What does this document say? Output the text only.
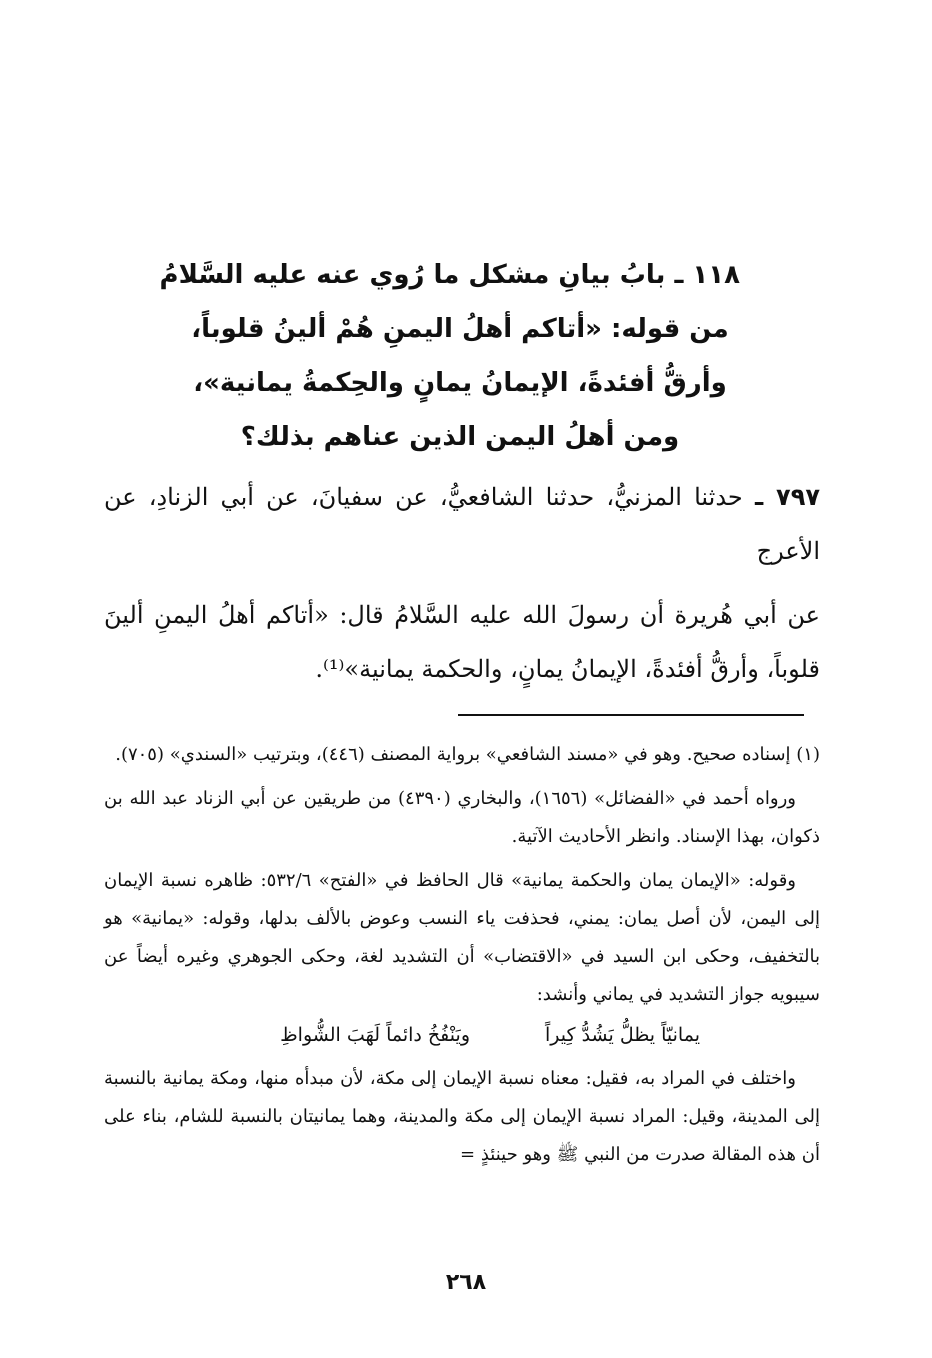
١١٨ ـ بابُ بيانِ مشكل ما رُوي عنه عليه السَّلامُ
من قوله: «أتاكم أهلُ اليمنِ هُمْ ألينُ قلوباً،
وأرقُّ أفئدةً، الإيمانُ يمانٍ والحِكمةُ يمانية»،
ومن أهلُ اليمن الذين عناهم بذلك؟

٧٩٧ ـ حدثنا المزنيُّ، حدثنا الشافعيُّ، عن سفيانَ، عن أبي الزنادِ، عن الأعرج

عن أبي هُريرة أن رسولَ الله عليه السَّلامُ قال: «أتاكم أهلُ اليمنِ ألينَ قلوباً، وأرقُّ أفئدةً، الإيمانُ يمانٍ، والحكمة يمانية»⁽¹⁾.

(١) إسناده صحيح. وهو في «مسند الشافعي» برواية المصنف (٤٤٦)، وبترتيب «السندي» (٧٠٥).

ورواه أحمد في «الفضائل» (١٦٥٦)، والبخاري (٤٣٩٠) من طريقين عن أبي الزناد عبد الله بن ذكوان، بهذا الإسناد. وانظر الأحاديث الآتية.

وقوله: «الإيمان يمان والحكمة يمانية» قال الحافظ في «الفتح» ٥٣٢/٦: ظاهره نسبة الإيمان إلى اليمن، لأن أصل يمان: يمني، فحذفت ياء النسب وعوض بالألف بدلها، وقوله: «يمانية» هو بالتخفيف، وحكى ابن السيد في «الاقتضاب» أن التشديد لغة، وحكى الجوهري وغيره أيضاً عن سيبويه جواز التشديد في يماني وأنشد:

يمانيّاً يظلُّ يَشُدُّ كِيراً
ويَنْفُخُ دائماً لَهَبَ الشُّواظِ

واختلف في المراد به، فقيل: معناه نسبة الإيمان إلى مكة، لأن مبدأه منها، ومكة يمانية بالنسبة إلى المدينة، وقيل: المراد نسبة الإيمان إلى مكة والمدينة، وهما يمانيتان بالنسبة للشام، بناء على أن هذه المقالة صدرت من النبي ﷺ وهو حينئذٍ =

٢٦٨
